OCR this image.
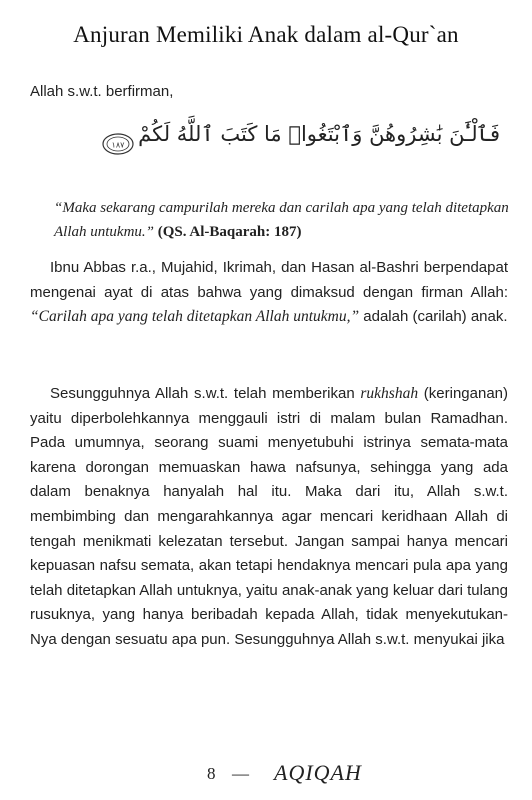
Anjuran Memiliki Anak dalam al-Qur`an
Allah s.w.t. berfirman,
فَٱلْـَٰٔنَ بَٰشِرُوهُنَّ وَٱبْتَغُوا۟ مَا كَتَبَ ٱللَّهُ لَكُمْ
١٨٧
“Maka sekarang campurilah mereka dan carilah apa yang telah ditetapkan Allah untukmu.” (QS. Al-Baqarah: 187)

Ibnu Abbas r.a., Mujahid, Ikrimah, dan Hasan al-Bashri berpendapat mengenai ayat di atas bahwa yang dimaksud dengan firman Allah: “Carilah apa yang telah ditetapkan Allah untukmu,” adalah (carilah) anak.

Sesungguhnya Allah s.w.t. telah memberikan rukhshah (keringanan) yaitu diperbolehkannya menggauli istri di malam bulan Ramadhan. Pada umumnya, seorang suami menyetubuhi istrinya semata-mata karena dorongan memuaskan hawa nafsunya, sehingga yang ada dalam benaknya hanyalah hal itu. Maka dari itu, Allah s.w.t. membimbing dan mengarahkannya agar mencari keridhaan Allah di tengah menikmati kelezatan tersebut. Jangan sampai hanya mencari kepuasan nafsu semata, akan tetapi hendaknya mencari pula apa yang telah ditetapkan Allah untuknya, yaitu anak-anak yang keluar dari tulang rusuknya, yang hanya beribadah kepada Allah, tidak menyekutukan-Nya dengan sesuatu apa pun. Sesungguhnya Allah s.w.t. menyukai jika

8 — AQIQAH
